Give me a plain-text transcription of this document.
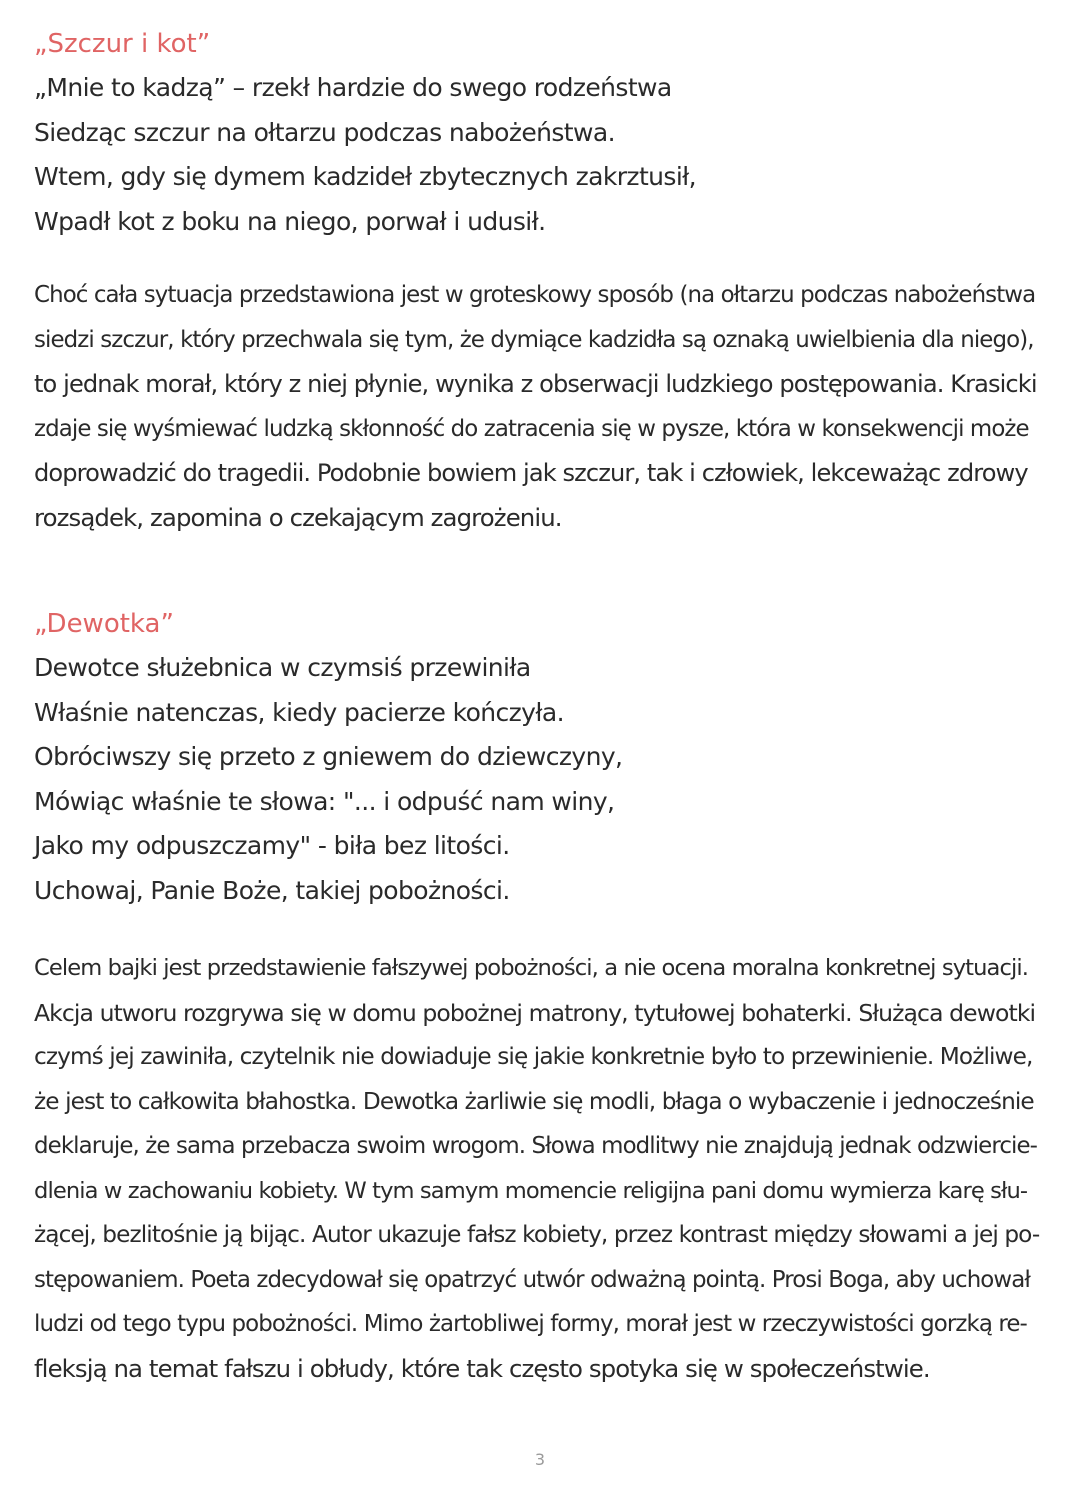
„Szczur i kot”
„Mnie to kadzą” – rzekł hardzie do swego rodzeństwa
Siedząc szczur na ołtarzu podczas nabożeństwa.
Wtem, gdy się dymem kadzideł zbytecznych zakrztusił,
Wpadł kot z boku na niego, porwał i udusił.
Choć cała sytuacja przedstawiona jest w groteskowy sposób (na ołtarzu podczas nabożeństwa
siedzi szczur, który przechwala się tym, że dymiące kadzidła są oznaką uwielbienia dla niego),
to jednak morał, który z niej płynie, wynika z obserwacji ludzkiego postępowania. Krasicki
zdaje się wyśmiewać ludzką skłonność do zatracenia się w pysze, która w konsekwencji może
doprowadzić do tragedii. Podobnie bowiem jak szczur, tak i człowiek, lekceważąc zdrowy
rozsądek, zapomina o czekającym zagrożeniu.
„Dewotka”
Dewotce służebnica w czymsiś przewiniła
Właśnie natenczas, kiedy pacierze kończyła.
Obróciwszy się przeto z gniewem do dziewczyny,
Mówiąc właśnie te słowa: "... i odpuść nam winy,
Jako my odpuszczamy" - biła bez litości.
Uchowaj, Panie Boże, takiej pobożności.
Celem bajki jest przedstawienie fałszywej pobożności, a nie ocena moralna konkretnej sytuacji.
Akcja utworu rozgrywa się w domu pobożnej matrony, tytułowej bohaterki. Służąca dewotki
czymś jej zawiniła, czytelnik nie dowiaduje się jakie konkretnie było to przewinienie. Możliwe,
że jest to całkowita błahostka. Dewotka żarliwie się modli, błaga o wybaczenie i jednocześnie
deklaruje, że sama przebacza swoim wrogom. Słowa modlitwy nie znajdują jednak odzwiercie-
dlenia w zachowaniu kobiety. W tym samym momencie religijna pani domu wymierza karę słu-
żącej, bezlitośnie ją bijąc. Autor ukazuje fałsz kobiety, przez kontrast między słowami a jej po-
stępowaniem. Poeta zdecydował się opatrzyć utwór odważną pointą. Prosi Boga, aby uchował
ludzi od tego typu pobożności. Mimo żartobliwej formy, morał jest w rzeczywistości gorzką re-
fleksją na temat fałszu i obłudy, które tak często spotyka się w społeczeństwie.
3
